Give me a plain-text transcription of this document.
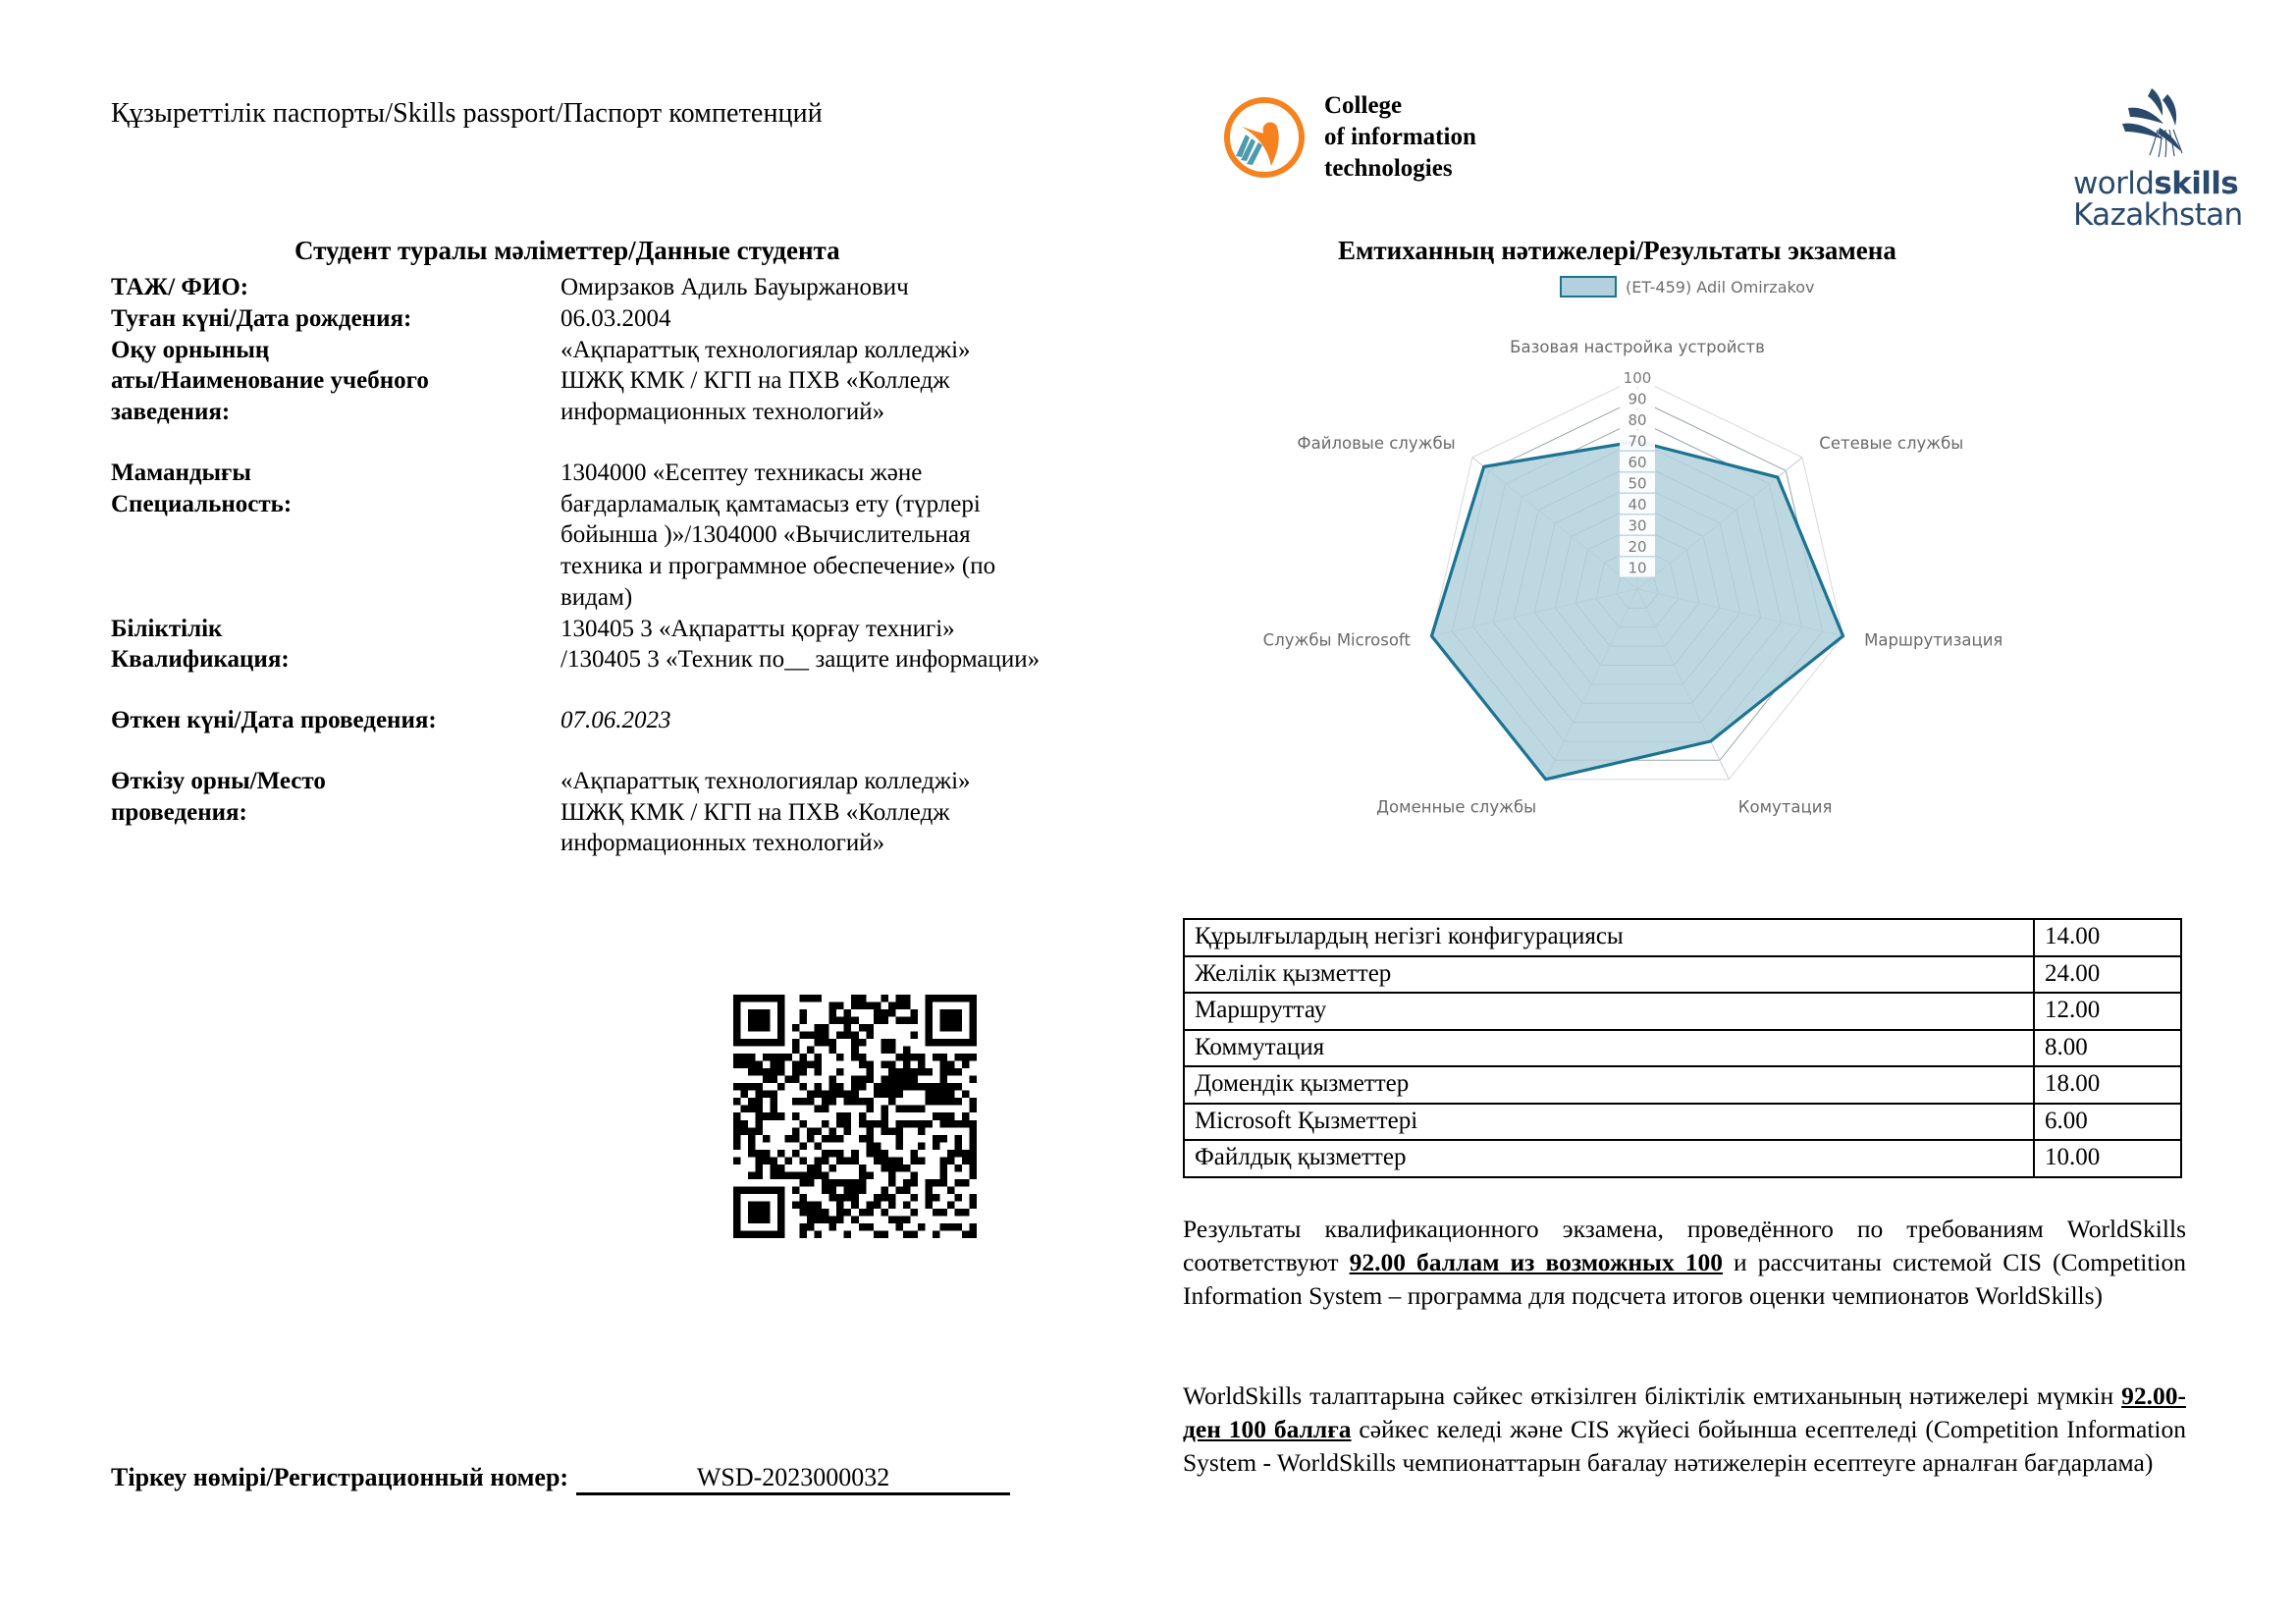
Құзыреттілік паспорты/Skills passport/Паспорт компетенций	College
of information
technologies	worldskills
Kazakhstan
Студент туралы мәліметтер/Данные студента
ТАЖ/ ФИО:	Омирзаков Адиль Бауыржанович
Туған күні/Дата рождения:	06.03.2004
Оқу орнының	«Ақпараттық технологиялар колледжі»
аты/Наименование учебного	ШЖҚ КМК / КГП на ПХВ «Колледж
заведения:	информационных технологий»
Мамандығы	1304000 «Есептеу техникасы және
Специальность:	бағдарламалық қамтамасыз ету (түрлері
бойынша )»/1304000 «Вычислительная
техника и программное обеспечение» (по
видам)
Біліктілік	130405 3 «Ақпаратты қорғау технигі»
Квалификация:	/130405 3 «Техник по__ защите информации»
Өткен күні/Дата проведения:	07.06.2023
Өткізу орны/Место	«Ақпараттық технологиялар колледжі»
проведения:	ШЖҚ КМК / КГП на ПХВ «Колледж
информационных технологий»
Тіркеу нөмірі/Регистрационный номер:	WSD-2023000032
Емтиханның нәтижелері/Результаты экзамена
(ET-459) Adil Omirzakov
10
20
30
40
50
60
70
80
90
100
Базовая настройка устройств
Сетевые службы
Маршрутизация
Комутация
Доменные службы
Службы Microsoft
Файловые службы
Құрылғылардың негізгі конфигурациясы	14.00
Желілік қызметтер	24.00
Маршруттау	12.00
Коммутация	8.00
Домендік қызметтер	18.00
Microsoft Қызметтері	6.00
Файлдық қызметтер	10.00
Результаты квалификационного экзамена, проведённого по требованиям WorldSkills соответствуют 92.00 баллам из возможных 100 и рассчитаны системой CIS (Competition Information System – программа для подсчета итогов оценки чемпионатов WorldSkills)
WorldSkills талаптарына сәйкес өткізілген біліктілік емтиханының нәтижелері мүмкін 92.00-ден 100 баллға сәйкес келеді және CIS жүйесі бойынша есептеледі (Competition Information System - WorldSkills чемпионаттарын бағалау нәтижелерін есептеуге арналған бағдарлама)
